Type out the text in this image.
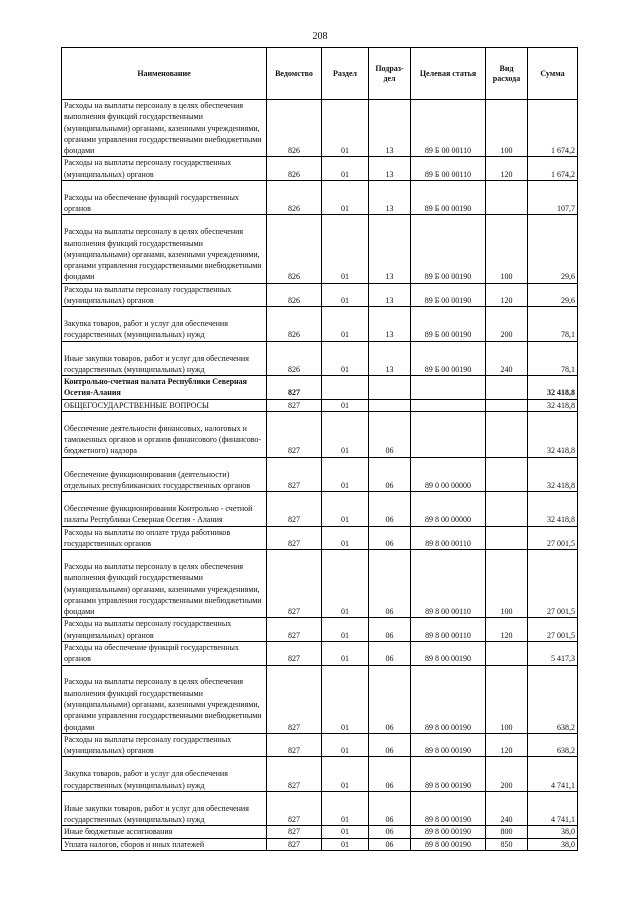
208
Наименование	Ведомство	Раздел	Подраз-дел	Целевая статья	Вид расхода	Сумма
Расходы на выплаты персоналу в целях обеспечения выполнения функций государственными (муниципальными) органами, казенными учреждениями, органами управления государственными внебюджетными фондами	826	01	13	89 Б 00 00110	100	1 674,2
Расходы на выплаты персоналу государственных (муниципальных) органов	826	01	13	89 Б 00 00110	120	1 674,2
Расходы на обеспечение функций государственных органов	826	01	13	89 Б 00 00190		107,7
Расходы на выплаты персоналу в целях обеспечения выполнения функций государственными (муниципальными) органами, казенными учреждениями, органами управления государственными внебюджетными фондами	826	01	13	89 Б 00 00190	100	29,6
Расходы на выплаты персоналу государственных (муниципальных) органов	826	01	13	89 Б 00 00190	120	29,6
Закупка товаров, работ и услуг для обеспечения государственных (муниципальных) нужд	826	01	13	89 Б 00 00190	200	78,1
Иные закупки товаров, работ и услуг для обеспечения государственных (муниципальных) нужд	826	01	13	89 Б 00 00190	240	78,1
Контрольно-счетная палата Республики Северная Осетия-Алания	827					32 418,8
ОБЩЕГОСУДАРСТВЕННЫЕ ВОПРОСЫ	827	01				32 418,8
Обеспечение деятельности финансовых, налоговых и таможенных органов и органов финансового (финансово-бюджетного) надзора	827	01	06			32 418,8
Обеспечение функционирования (деятельности) отдельных республиканских государственных органов	827	01	06	89 0 00 00000		32 418,8
Обеспечение функционирования Контрольно - счетной палаты Республики Северная Осетия - Алания	827	01	06	89 8 00 00000		32 418,8
Расходы на выплаты по оплате труда работников государственных органов	827	01	06	89 8 00 00110		27 001,5
Расходы на выплаты персоналу в целях обеспечения выполнения функций государственными (муниципальными) органами, казенными учреждениями, органами управления государственными внебюджетными фондами	827	01	06	89 8 00 00110	100	27 001,5
Расходы на выплаты персоналу государственных (муниципальных) органов	827	01	06	89 8 00 00110	120	27 001,5
Расходы на обеспечение функций государственных органов	827	01	06	89 8 00 00190		5 417,3
Расходы на выплаты персоналу в целях обеспечения выполнения функций государственными (муниципальными) органами, казенными учреждениями, органами управления государственными внебюджетными фондами	827	01	06	89 8 00 00190	100	638,2
Расходы на выплаты персоналу государственных (муниципальных) органов	827	01	06	89 8 00 00190	120	638,2
Закупка товаров, работ и услуг для обеспечения государственных (муниципальных) нужд	827	01	06	89 8 00 00190	200	4 741,1
Иные закупки товаров, работ и услуг для обеспечения государственных (муниципальных) нужд	827	01	06	89 8 00 00190	240	4 741,1
Иные бюджетные ассигнования	827	01	06	89 8 00 00190	800	38,0
Уплата налогов, сборов и иных платежей	827	01	06	89 8 00 00190	850	38,0
